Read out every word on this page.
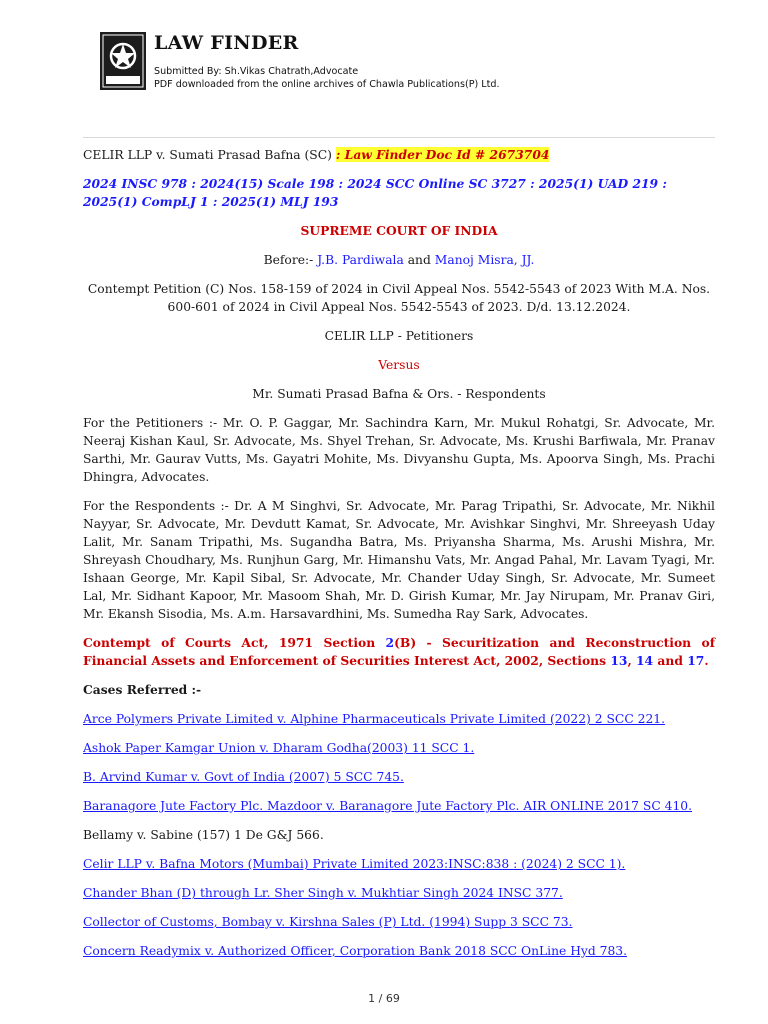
LAW FINDER
Submitted By: Sh.Vikas Chatrath,Advocate
PDF downloaded from the online archives of Chawla Publications(P) Ltd.

CELIR LLP v. Sumati Prasad Bafna (SC) : Law Finder Doc Id # 2673704

2024 INSC 978 : 2024(15) Scale 198 : 2024 SCC Online SC 3727 : 2025(1) UAD 219 : 2025(1) CompLJ 1 : 2025(1) MLJ 193

SUPREME COURT OF INDIA

Before:- J.B. Pardiwala and Manoj Misra, JJ.

Contempt Petition (C) Nos. 158-159 of 2024 in Civil Appeal Nos. 5542-5543 of 2023 With M.A. Nos. 600-601 of 2024 in Civil Appeal Nos. 5542-5543 of 2023. D/d. 13.12.2024.

CELIR LLP - Petitioners

Versus

Mr. Sumati Prasad Bafna & Ors. - Respondents

For the Petitioners :- Mr. O. P. Gaggar, Mr. Sachindra Karn, Mr. Mukul Rohatgi, Sr. Advocate, Mr. Neeraj Kishan Kaul, Sr. Advocate, Ms. Shyel Trehan, Sr. Advocate, Ms. Krushi Barfiwala, Mr. Pranav Sarthi, Mr. Gaurav Vutts, Ms. Gayatri Mohite, Ms. Divyanshu Gupta, Ms. Apoorva Singh, Ms. Prachi Dhingra, Advocates.

For the Respondents :- Dr. A M Singhvi, Sr. Advocate, Mr. Parag Tripathi, Sr. Advocate, Mr. Nikhil Nayyar, Sr. Advocate, Mr. Devdutt Kamat, Sr. Advocate, Mr. Avishkar Singhvi, Mr. Shreeyash Uday Lalit, Mr. Sanam Tripathi, Ms. Sugandha Batra, Ms. Priyansha Sharma, Ms. Arushi Mishra, Mr. Shreyash Choudhary, Ms. Runjhun Garg, Mr. Himanshu Vats, Mr. Angad Pahal, Mr. Lavam Tyagi, Mr. Ishaan George, Mr. Kapil Sibal, Sr. Advocate, Mr. Chander Uday Singh, Sr. Advocate, Mr. Sumeet Lal, Mr. Sidhant Kapoor, Mr. Masoom Shah, Mr. D. Girish Kumar, Mr. Jay Nirupam, Mr. Pranav Giri, Mr. Ekansh Sisodia, Ms. A.m. Harsavardhini, Ms. Sumedha Ray Sark, Advocates.

Contempt of Courts Act, 1971 Section 2(B) - Securitization and Reconstruction of Financial Assets and Enforcement of Securities Interest Act, 2002, Sections 13, 14 and 17.

Cases Referred :-

Arce Polymers Private Limited v. Alphine Pharmaceuticals Private Limited (2022) 2 SCC 221.

Ashok Paper Kamgar Union v. Dharam Godha(2003) 11 SCC 1.

B. Arvind Kumar v. Govt of India (2007) 5 SCC 745.

Baranagore Jute Factory Plc. Mazdoor v. Baranagore Jute Factory Plc. AIR ONLINE 2017 SC 410.

Bellamy v. Sabine (157) 1 De G&J 566.

Celir LLP v. Bafna Motors (Mumbai) Private Limited 2023:INSC:838 : (2024) 2 SCC 1).

Chander Bhan (D) through Lr. Sher Singh v. Mukhtiar Singh 2024 INSC 377.

Collector of Customs, Bombay v. Kirshna Sales (P) Ltd. (1994) Supp 3 SCC 73.

Concern Readymix v. Authorized Officer, Corporation Bank 2018 SCC OnLine Hyd 783.

1 / 69
